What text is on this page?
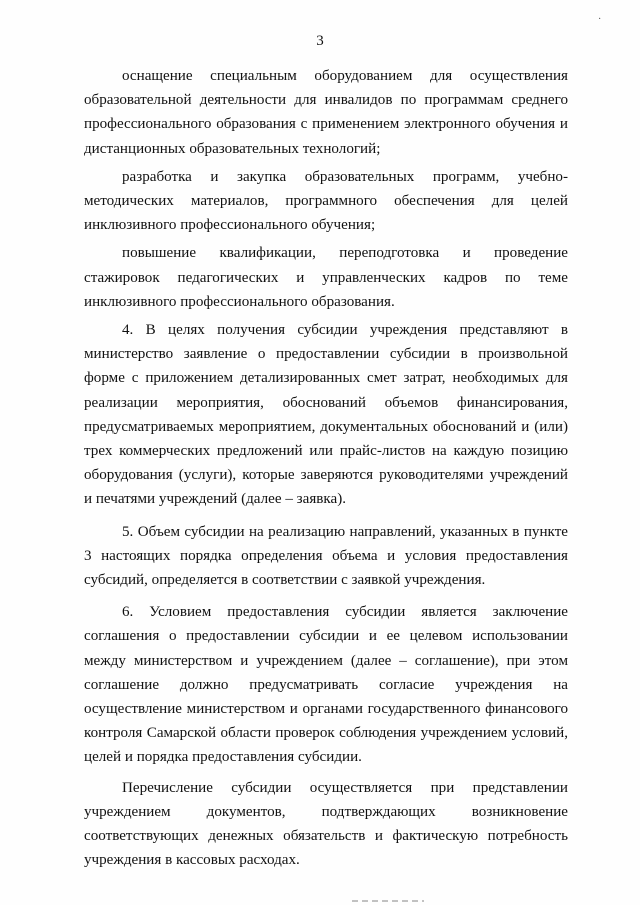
·
3

оснащение специальным оборудованием для осуществления образовательной деятельности для инвалидов по программам среднего профессионального образования с применением электронного обучения и дистанционных образовательных технологий;

разработка и закупка образовательных программ, учебно-методических материалов, программного обеспечения для целей инклюзивного профессионального обучения;

повышение квалификации, переподготовка и проведение стажировок педагогических и управленческих кадров по теме инклюзивного профессионального образования.

4. В целях получения субсидии учреждения представляют в министерство заявление о предоставлении субсидии в произвольной форме с приложением детализированных смет затрат, необходимых для реализации мероприятия, обоснований объемов финансирования, предусматриваемых мероприятием, документальных обоснований и (или) трех коммерческих предложений или прайс-листов на каждую позицию оборудования (услуги), которые заверяются руководителями учреждений и печатями учреждений (далее – заявка).

5. Объем субсидии на реализацию направлений, указанных в пункте 3 настоящих порядка определения объема и условия предоставления субсидий, определяется в соответствии с заявкой учреждения.

6. Условием предоставления субсидии является заключение соглашения о предоставлении субсидии и ее целевом использовании между министерством и учреждением (далее – соглашение), при этом соглашение должно предусматривать согласие учреждения на осуществление министерством и органами государственного финансового контроля Самарской области проверок соблюдения учреждением условий, целей и порядка предоставления субсидии.

Перечисление субсидии осуществляется при представлении учреждением документов, подтверждающих возникновение соответствующих денежных обязательств и фактическую потребность учреждения в кассовых расходах.
